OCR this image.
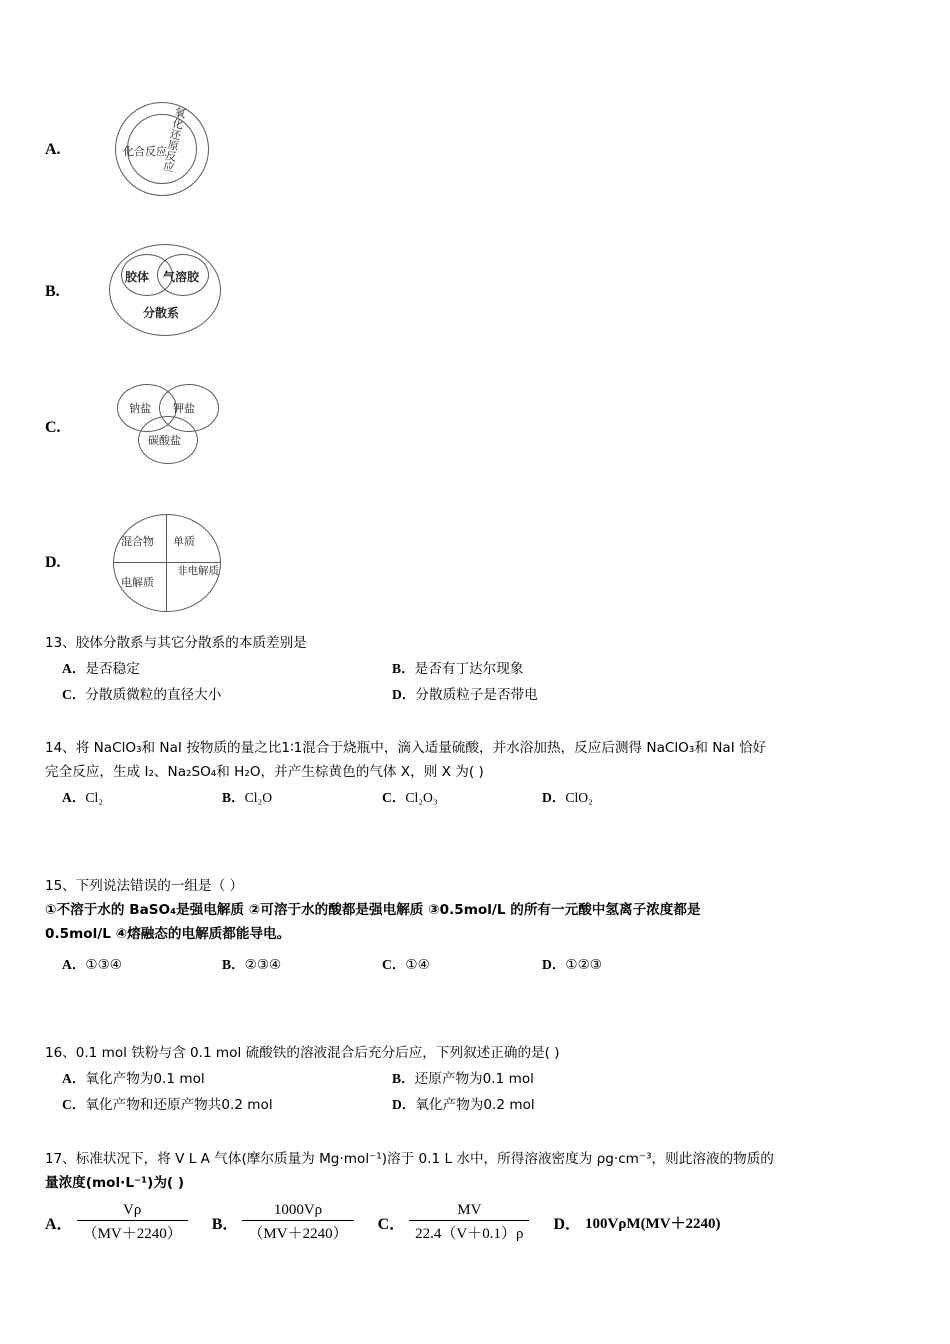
A.	化合反应
氧化还原反应
B.
胶体 气溶胶
分散系
C.
钠盐 钾盐
碳酸盐
D.
混合物 单质
电解质
非电解质
13、胶体分散系与其它分散系的本质差别是
A．是否稳定	B．是否有丁达尔现象
C．分散质微粒的直径大小	D．分散质粒子是否带电
14、将 NaClO₃和 NaI 按物质的量之比1∶1混合于烧瓶中，滴入适量硫酸，并水浴加热，反应后测得 NaClO₃和 NaI 恰好
完全反应，生成 I₂、Na₂SO₄和 H₂O，并产生棕黄色的气体 X，则 X 为( )
A．Cl₂	B．Cl₂O	C．Cl₂O₃	D．ClO₂
15、下列说法错误的一组是（ ）
①不溶于水的 BaSO₄是强电解质 ②可溶于水的酸都是强电解质 ③0.5mol/L 的所有一元酸中氢离子浓度都是
0.5mol/L ④熔融态的电解质都能导电。
A．①③④	B．②③④	C．①④	D．①②③
16、0.1 mol 铁粉与含 0.1 mol 硫酸铁的溶液混合后充分后应，下列叙述正确的是( )
A．氧化产物为0.1 mol	B．还原产物为0.1 mol
C．氧化产物和还原产物共0.2 mol	D．氧化产物为0.2 mol
17、标准状况下，将 V L A 气体(摩尔质量为 Mg·mol⁻¹)溶于 0.1 L 水中，所得溶液密度为 ρg·cm⁻³，则此溶液的物质的
量浓度(mol·L⁻¹)为( )
A． $\frac{V\rho}{(MV+2240)}$ B． $\frac{1000V\rho}{(MV+2240)}$ C． $\frac{MV}{22.4(V+0.1)\rho}$ D． 100VρM(MV＋2240)
